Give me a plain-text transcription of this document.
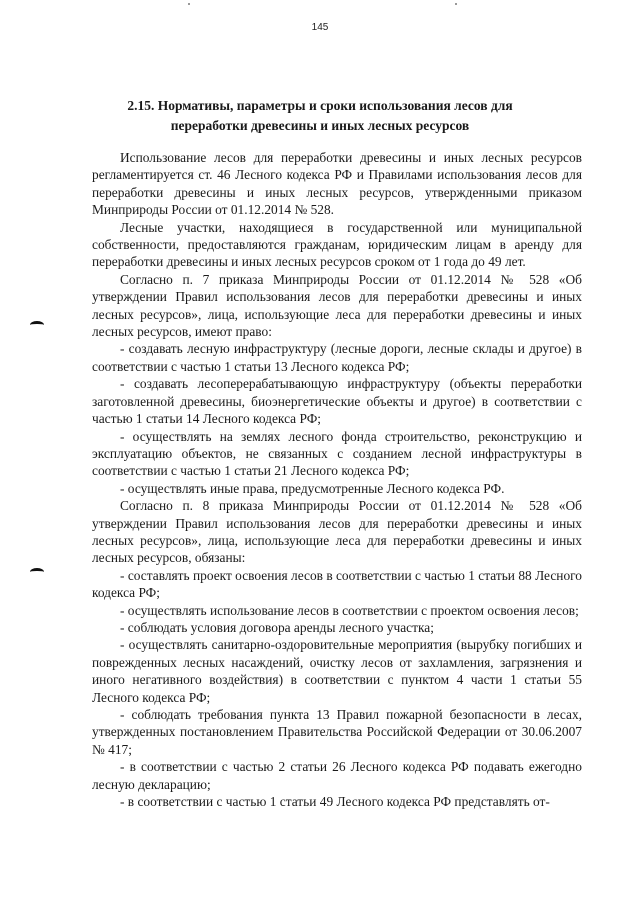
145
2.15. Нормативы, параметры и сроки использования лесов для
переработки древесины и иных лесных ресурсов

Использование лесов для переработки древесины и иных лесных ресурсов регламентируется ст. 46 Лесного кодекса РФ и Правилами использования лесов для переработки древесины и иных лесных ресурсов, утвержденными приказом Минприроды России от 01.12.2014 № 528.

Лесные участки, находящиеся в государственной или муниципальной собственности, предоставляются гражданам, юридическим лицам в аренду для переработки древесины и иных лесных ресурсов сроком от 1 года до 49 лет.

Согласно п. 7 приказа Минприроды России от 01.12.2014 № 528 «Об утверждении Правил использования лесов для переработки древесины и иных лесных ресурсов», лица, использующие леса для переработки древесины и иных лесных ресурсов, имеют право:

- создавать лесную инфраструктуру (лесные дороги, лесные склады и другое) в соответствии с частью 1 статьи 13 Лесного кодекса РФ;

- создавать лесоперерабатывающую инфраструктуру (объекты переработки заготовленной древесины, биоэнергетические объекты и другое) в соответствии с частью 1 статьи 14 Лесного кодекса РФ;

- осуществлять на землях лесного фонда строительство, реконструкцию и эксплуатацию объектов, не связанных с созданием лесной инфраструктуры в соответствии с частью 1 статьи 21 Лесного кодекса РФ;

- осуществлять иные права, предусмотренные Лесного кодекса РФ.

Согласно п. 8 приказа Минприроды России от 01.12.2014 № 528 «Об утверждении Правил использования лесов для переработки древесины и иных лесных ресурсов», лица, использующие леса для переработки древесины и иных лесных ресурсов, обязаны:

- составлять проект освоения лесов в соответствии с частью 1 статьи 88 Лесного кодекса РФ;

- осуществлять использование лесов в соответствии с проектом освоения лесов;

- соблюдать условия договора аренды лесного участка;

- осуществлять санитарно-оздоровительные мероприятия (вырубку погибших и поврежденных лесных насаждений, очистку лесов от захламления, загрязнения и иного негативного воздействия) в соответствии с пунктом 4 части 1 статьи 55 Лесного кодекса РФ;

- соблюдать требования пункта 13 Правил пожарной безопасности в лесах, утвержденных постановлением Правительства Российской Федерации от 30.06.2007 № 417;

- в соответствии с частью 2 статьи 26 Лесного кодекса РФ подавать ежегодно лесную декларацию;

- в соответствии с частью 1 статьи 49 Лесного кодекса РФ представлять от-
